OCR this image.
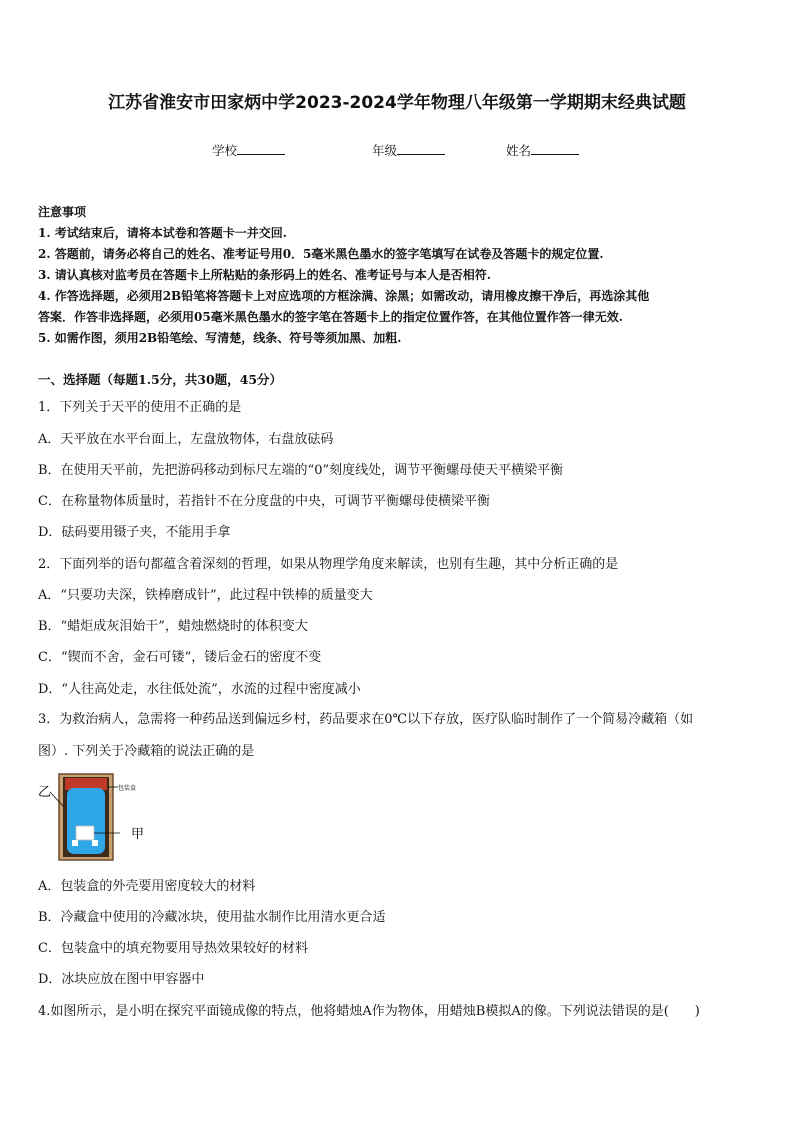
江苏省淮安市田家炳中学2023-2024学年物理八年级第一学期期末经典试题
学校	年级	姓名
注意事项
1. 考试结束后，请将本试卷和答题卡一并交回.
2. 答题前，请务必将自己的姓名、准考证号用0．5毫米黑色墨水的签字笔填写在试卷及答题卡的规定位置.
3. 请认真核对监考员在答题卡上所粘贴的条形码上的姓名、准考证号与本人是否相符.
4. 作答选择题，必须用2B铅笔将答题卡上对应选项的方框涂满、涂黑；如需改动，请用橡皮擦干净后，再选涂其他
答案．作答非选择题，必须用05毫米黑色墨水的签字笔在答题卡上的指定位置作答，在其他位置作答一律无效.
5. 如需作图，须用2B铅笔绘、写清楚，线条、符号等须加黑、加粗.
一、选择题（每题1.5分，共30题，45分）
1．下列关于天平的使用不正确的是
A．天平放在水平台面上，左盘放物体，右盘放砝码
B．在使用天平前，先把游码移动到标尺左端的“0”刻度线处，调节平衡螺母使天平横梁平衡
C．在称量物体质量时，若指针不在分度盘的中央，可调节平衡螺母使横梁平衡
D．砝码要用镊子夹，不能用手拿
2．下面列举的语句都蕴含着深刻的哲理，如果从物理学角度来解读，也别有生趣，其中分析正确的是
A．“只要功夫深，铁棒磨成针”，此过程中铁棒的质量变大
B．“蜡炬成灰泪始干”，蜡烛燃烧时的体积变大
C．“锲而不舍，金石可镂”，镂后金石的密度不变
D．“人往高处走，水往低处流”，水流的过程中密度减小
3．为救治病人，急需将一种药品送到偏远乡村，药品要求在0℃以下存放，医疗队临时制作了一个简易冷藏箱（如
图）. 下列关于冷藏箱的说法正确的是
乙
甲
包装盒
A．包装盒的外壳要用密度较大的材料
B．冷藏盒中使用的冷藏冰块，使用盐水制作比用清水更合适
C．包装盒中的填充物要用导热效果较好的材料
D．冰块应放在图中甲容器中
4.如图所示，是小明在探究平面镜成像的特点，他将蜡烛A作为物体，用蜡烛B模拟A的像。下列说法错误的是(　　)
